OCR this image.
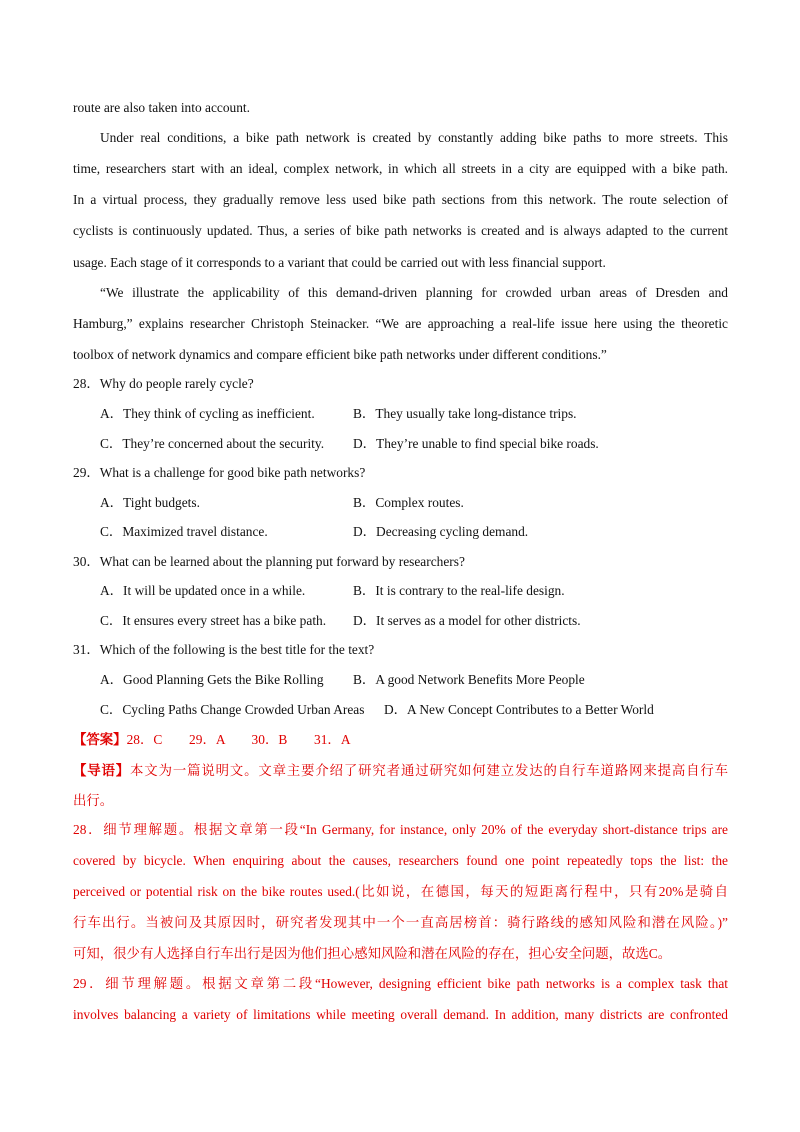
route are also taken into account.
Under real conditions, a bike path network is created by constantly adding bike paths to more streets. This
time, researchers start with an ideal, complex network, in which all streets in a city are equipped with a bike path.
In a virtual process, they gradually remove less used bike path sections from this network. The route selection of
cyclists is continuously updated. Thus, a series of bike path networks is created and is always adapted to the current
usage. Each stage of it corresponds to a variant that could be carried out with less financial support.
“We illustrate the applicability of this demand-driven planning for crowded urban areas of Dresden and
Hamburg,” explains researcher Christoph Steinacker. “We are approaching a real-life issue here using the theoretic
toolbox of network dynamics and compare efficient bike path networks under different conditions.”
28．Why do people rarely cycle?
A．They think of cycling as inefficient.	B．They usually take long-distance trips.
C．They’re concerned about the security. D．They’re unable to find special bike roads.
29．What is a challenge for good bike path networks?
A．Tight budgets.	B．Complex routes.
C．Maximized travel distance.	D．Decreasing cycling demand.
30．What can be learned about the planning put forward by researchers?
A．It will be updated once in a while.	B．It is contrary to the real-life design.
C．It ensures every street has a bike path. D．It serves as a model for other districts.
31．Which of the following is the best title for the text?
A．Good Planning Gets the Bike Rolling B．A good Network Benefits More People
C．Cycling Paths Change Crowded Urban Areas D．A New Concept Contributes to a Better World
【答案】28．C　　29．A　　30．B　　31．A
【导语】本文为一篇说明文。文章主要介绍了研究者通过研究如何建立发达的自行车道路网来提高自行车
出行。
28．细节理解题。根据文章第一段“In Germany, for instance, only 20% of the everyday short-distance trips are
covered by bicycle. When enquiring about the causes, researchers found one point repeatedly tops the list: the
perceived or potential risk on the bike routes used.(比如说，在德国，每天的短距离行程中，只有20%是骑自
行车出行。当被问及其原因时，研究者发现其中一个一直高居榜首：骑行路线的感知风险和潜在风险。)”
可知，很少有人选择自行车出行是因为他们担心感知风险和潜在风险的存在，担心安全问题，故选C。
29．细节理解题。根据文章第二段“However, designing efficient bike path networks is a complex task that
involves balancing a variety of limitations while meeting overall demand. In addition, many districts are confronted
